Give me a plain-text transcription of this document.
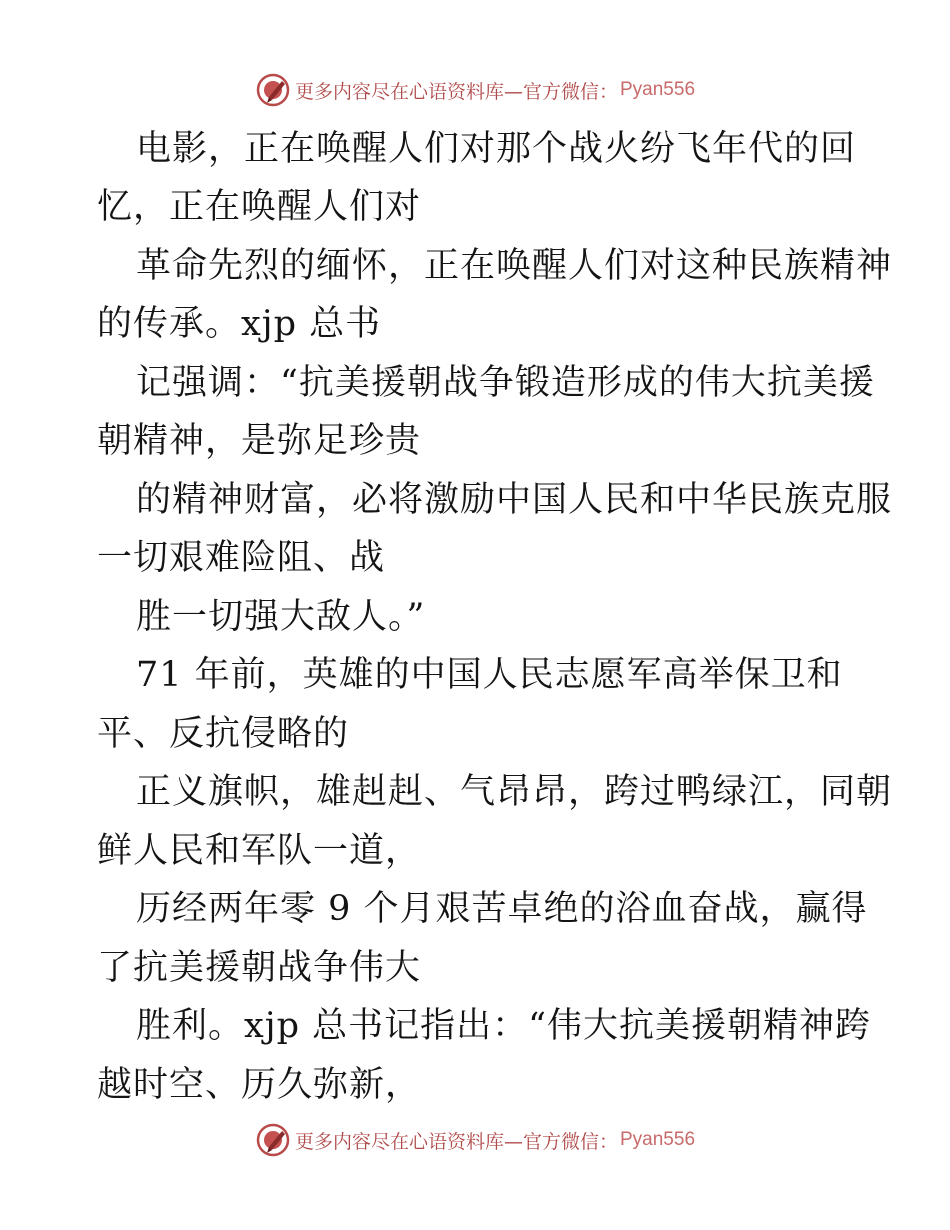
更多内容尽在心语资料库—官方微信： Pyan556
电影，正在唤醒人们对那个战火纷飞年代的回
忆，正在唤醒人们对
革命先烈的缅怀，正在唤醒人们对这种民族精神
的传承。xjp 总书
记强调：“抗美援朝战争锻造形成的伟大抗美援
朝精神，是弥足珍贵
的精神财富，必将激励中国人民和中华民族克服
一切艰难险阻、战
胜一切强大敌人。”
71 年前，英雄的中国人民志愿军高举保卫和
平、反抗侵略的
正义旗帜，雄赳赳、气昂昂，跨过鸭绿江，同朝
鲜人民和军队一道，
历经两年零 9 个月艰苦卓绝的浴血奋战，赢得
了抗美援朝战争伟大
胜利。xjp 总书记指出：“伟大抗美援朝精神跨
越时空、历久弥新，
更多内容尽在心语资料库—官方微信： Pyan556
